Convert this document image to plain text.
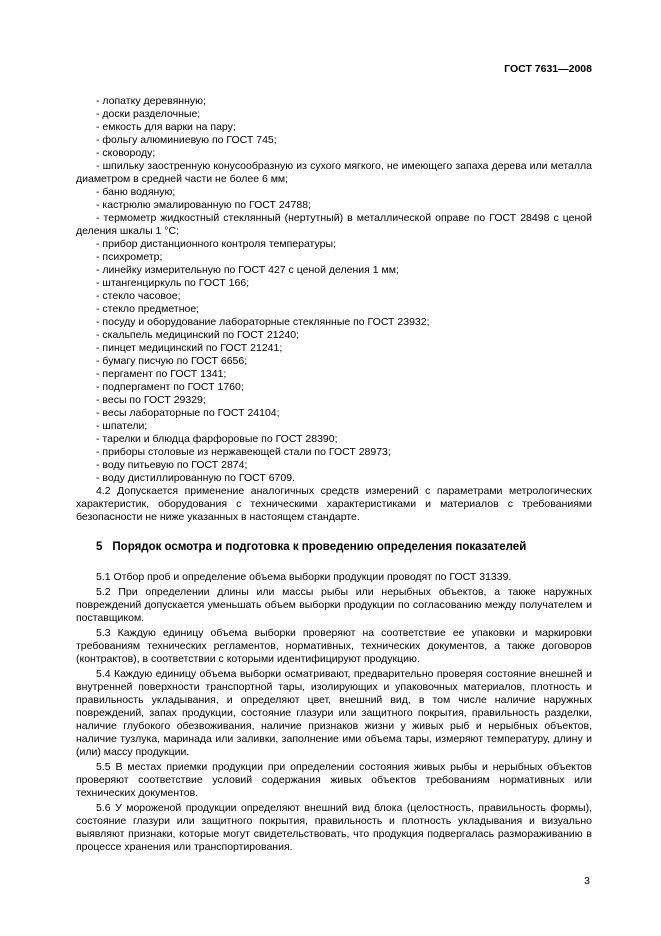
ГОСТ 7631—2008

- лопатку деревянную;

- доски разделочные;

- емкость для варки на пару;

- фольгу алюминиевую по ГОСТ 745;

- сковороду;

- шпильку заостренную конусообразную из сухого мягкого, не имеющего запаха дерева или металла диаметром в средней части не более 6 мм;

- баню водяную;

- кастрюлю эмалированную по ГОСТ 24788;

- термометр жидкостный стеклянный (нертутный) в металлической оправе по ГОСТ 28498 с ценой деления шкалы 1 °С;

- прибор дистанционного контроля температуры;

- психрометр;

- линейку измерительную по ГОСТ 427 с ценой деления 1 мм;

- штангенциркуль по ГОСТ 166;

- стекло часовое;

- стекло предметное;

- посуду и оборудование лабораторные стеклянные по ГОСТ 23932;

- скальпель медицинский по ГОСТ 21240;

- пинцет медицинский по ГОСТ 21241;

- бумагу писчую по ГОСТ 6656;

- пергамент по ГОСТ 1341;

- подпергамент по ГОСТ 1760;

- весы по ГОСТ 29329;

- весы лабораторные по ГОСТ 24104;

- шпатели;

- тарелки и блюдца фарфоровые по ГОСТ 28390;

- приборы столовые из нержавеющей стали по ГОСТ 28973;

- воду питьевую по ГОСТ 2874;

- воду дистиллированную по ГОСТ 6709.

4.2 Допускается применение аналогичных средств измерений с параметрами метрологических характеристик, оборудования с техническими характеристиками и материалов с требованиями безопасности не ниже указанных в настоящем стандарте.

5 Порядок осмотра и подготовка к проведению определения показателей

5.1 Отбор проб и определение объема выборки продукции проводят по ГОСТ 31339.

5.2 При определении длины или массы рыбы или нерыбных объектов, а также наружных повреждений допускается уменьшать объем выборки продукции по согласованию между получателем и поставщиком.

5.3 Каждую единицу объема выборки проверяют на соответствие ее упаковки и маркировки требованиям технических регламентов, нормативных, технических документов, а также договоров (контрактов), в соответствии с которыми идентифицируют продукцию.

5.4 Каждую единицу объема выборки осматривают, предварительно проверяя состояние внешней и внутренней поверхности транспортной тары, изолирующих и упаковочных материалов, плотность и правильность укладывания, и определяют цвет, внешний вид, в том числе наличие наружных повреждений, запах продукции, состояние глазури или защитного покрытия, правильность разделки, наличие глубокого обезвоживания, наличие признаков жизни у живых рыб и нерыбных объектов, наличие тузлука, маринада или заливки, заполнение ими объема тары, измеряют температуру, длину и (или) массу продукции.

5.5 В местах приемки продукции при определении состояния живых рыбы и нерыбных объектов проверяют соответствие условий содержания живых объектов требованиям нормативных или технических документов.

5.6 У мороженой продукции определяют внешний вид блока (целостность, правильность формы), состояние глазури или защитного покрытия, правильность и плотность укладывания и визуально выявляют признаки, которые могут свидетельствовать, что продукция подвергалась размораживанию в процессе хранения или транспортирования.

3
